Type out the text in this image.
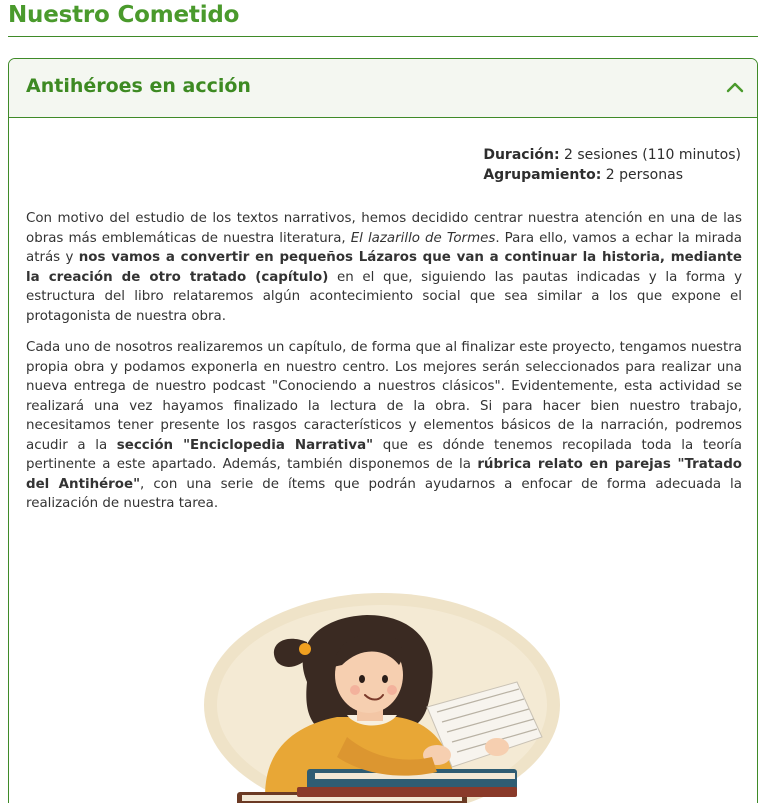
Nuestro Cometido
Antihéroes en acción
Duración: 2 sesiones (110 minutos)
Agrupamiento: 2 personas

Con motivo del estudio de los textos narrativos, hemos decidido centrar nuestra atención en una de las obras más emblemáticas de nuestra literatura, El lazarillo de Tormes. Para ello, vamos a echar la mirada atrás y nos vamos a convertir en pequeños Lázaros que van a continuar la historia, mediante la creación de otro tratado (capítulo) en el que, siguiendo las pautas indicadas y la forma y estructura del libro relataremos algún acontecimiento social que sea similar a los que expone el protagonista de nuestra obra.

Cada uno de nosotros realizaremos un capítulo, de forma que al finalizar este proyecto, tengamos nuestra propia obra y podamos exponerla en nuestro centro. Los mejores serán seleccionados para realizar una nueva entrega de nuestro podcast "Conociendo a nuestros clásicos". Evidentemente, esta actividad se realizará una vez hayamos finalizado la lectura de la obra. Si para hacer bien nuestro trabajo, necesitamos tener presente los rasgos característicos y elementos básicos de la narración, podremos acudir a la sección "Enciclopedia Narrativa" que es dónde tenemos recopilada toda la teoría pertinente a este apartado. Además, también disponemos de la rúbrica relato en parejas "Tratado del Antihéroe", con una serie de ítems que podrán ayudarnos a enfocar de forma adecuada la realización de nuestra tarea.
